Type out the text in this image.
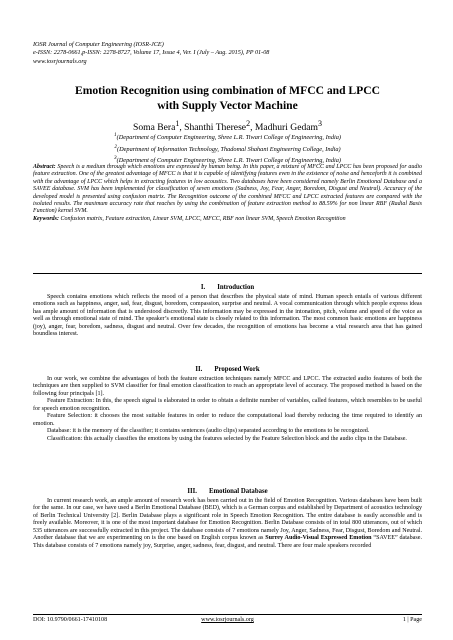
IOSR Journal of Computer Engineering (IOSR-JCE)
e-ISSN: 2278-0661,p-ISSN: 2278-8727, Volume 17, Issue 4, Ver. I (July – Aug. 2015), PP 01-08
www.iosrjournals.org
Emotion Recognition using combination of MFCC and LPCC
with Supply Vector Machine
Soma Bera$^1$, Shanthi Therese$^2$, Madhuri Gedam$^3$
$^1$(Department of Computer Engineering, Shree L.R. Tiwari College of Engineering, India)
$^2$(Department of Information Technology, Thadomal Shahani Engineering College, India)
$^3$(Department of Computer Engineering, Shree L.R. Tiwari College of Engineering, India)
Abstract: Speech is a medium through which emotions are expressed by human being. In this paper, a mixture of MFCC and LPCC has been proposed for audio feature extraction. One of the greatest advantage of MFCC is that it is capable of identifying features even in the existence of noise and henceforth it is combined with the advantage of LPCC which helps in extracting features in low acoustics. Two databases have been considered namely Berlin Emotional Database and a SAVEE database. SVM has been implemented for classification of seven emotions (Sadness, Joy, Fear, Anger, Boredom, Disgust and Neutral). Accuracy of the developed model is presented using confusion matrix. The Recognition outcome of the combined MFCC and LPCC extracted features are compared with the isolated results. The maximum accuracy rate that reaches by using the combination of feature extraction method to 88.59% for non linear RBF (Radial Basis Function) kernel SVM.
Keywords: Confusion matrix, Feature extraction, Linear SVM, LPCC, MFCC, RBF non linear SVM, Speech Emotion Recognition
I. Introduction

Speech contains emotions which reflects the mood of a person that describes the physical state of mind. Human speech entails of various different emotions such as happiness, anger, sad, fear, disgust, boredom, compassion, surprise and neutral. A vocal communication through which people express ideas has ample amount of information that is understood discreetly. This information may be expressed in the intonation, pitch, volume and speed of the voice as well as through emotional state of mind. The speaker’s emotional state is closely related to this information. The most common basic emotions are happiness (joy), anger, fear, boredom, sadness, disgust and neutral. Over few decades, the recognition of emotions has become a vital research area that has gained boundless interest.

II. Proposed Work

In our work, we combine the advantages of both the feature extraction techniques namely MFCC and LPCC. The extracted audio features of both the techniques are then supplied to SVM classifier for final emotion classification to reach an appropriate level of accuracy. The proposed method is based on the following four principals [1].

Feature Extraction: In this, the speech signal is elaborated in order to obtain a definite number of variables, called features, which resembles to be useful for speech emotion recognition.

Feature Selection: it chooses the most suitable features in order to reduce the computational load thereby reducing the time required to identify an emotion.

Database: it is the memory of the classifier; it contains sentences (audio clips) separated according to the emotions to be recognized.

Classification: this actually classifies the emotions by using the features selected by the Feature Selection block and the audio clips in the Database.

III. Emotional Database

In current research work, an ample amount of research work has been carried out in the field of Emotion Recognition. Various databases have been built for the same. In our case, we have used a Berlin Emotional Database (BED), which is a German corpus and established by Department of acoustics technology of Berlin Technical University [2]. Berlin Database plays a significant role in Speech Emotion Recognition. The entire database is easily accessible and is freely available. Moreover, it is one of the most important database for Emotion Recognition. Berlin Database consists of in total 800 utterances, out of which 535 utterances are successfully extracted in this project. The database consists of 7 emotions namely Joy, Anger, Sadness, Fear, Disgust, Boredom and Neutral. Another database that we are experimenting on is the one based on English corpus known as Surrey Audio-Visual Expressed Emotion “SAVEE” database. This database consists of 7 emotions namely joy, Surprise, anger, sadness, fear, disgust, and neutral. There are four male speakers recorded

DOI: 10.9790/0661-17410108	www.iosrjournals.org	1 | Page
